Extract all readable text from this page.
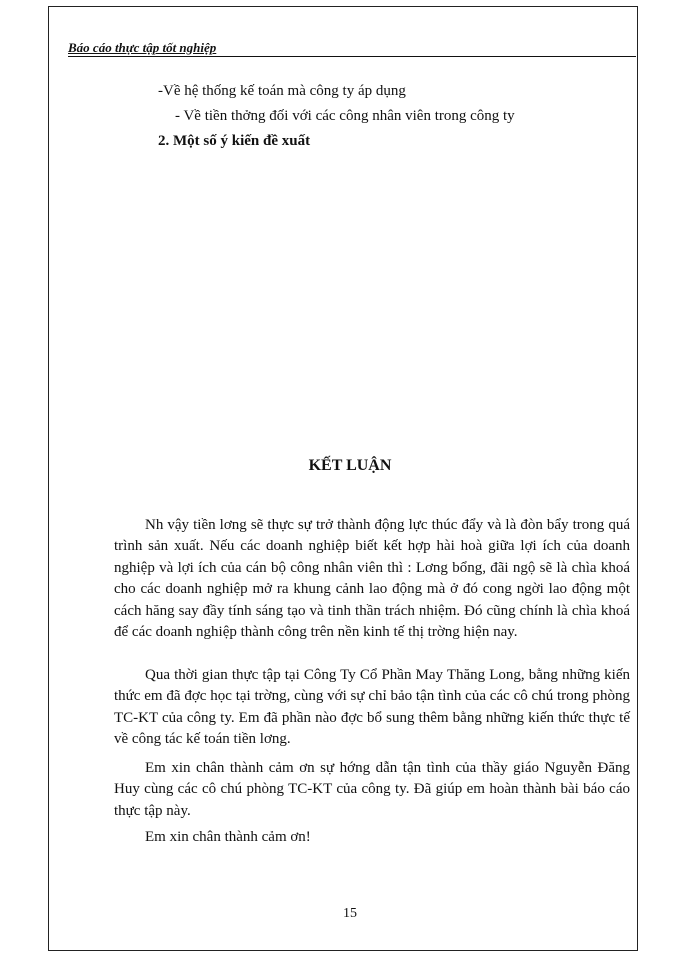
Báo cáo thực tập tốt nghiệp
-Về hệ thống kế toán mà công ty áp dụng
- Về tiền thởng đối với các công nhân viên trong công ty
2. Một số ý kiến đề xuất
KẾT LUẬN
Nh vậy tiền lơng sẽ thực sự trở thành động lực thúc đẩy và là đòn bẩy trong quá trình sản xuất. Nếu các doanh nghiệp biết kết hợp hài hoà giữa lợi ích của doanh nghiệp và lợi ích của cán bộ công nhân viên thì : Lơng bổng, đãi ngộ sẽ là chìa khoá cho các doanh nghiệp mở ra khung cảnh lao động mà ở đó cong ngời lao động một cách hăng say đầy tính sáng tạo và tinh thần trách nhiệm. Đó cũng chính là chìa khoá để các doanh nghiệp thành công trên nền kinh tế thị trờng hiện nay.
Qua thời gian thực tập tại Công Ty Cổ Phần May Thăng Long, bằng những kiến thức em đã đợc học tại trờng, cùng với sự chỉ bảo tận tình của các cô chú trong phòng TC-KT của công ty. Em đã phần nào đợc bổ sung thêm bằng những kiến thức thực tế về công tác kế toán tiền lơng.
Em xin chân thành cảm ơn sự hớng dẫn tận tình của thầy giáo Nguyễn Đăng Huy cùng các cô chú phòng TC-KT của công ty. Đã giúp em hoàn thành bài báo cáo thực tập này.
Em xin chân thành cảm ơn!
15
